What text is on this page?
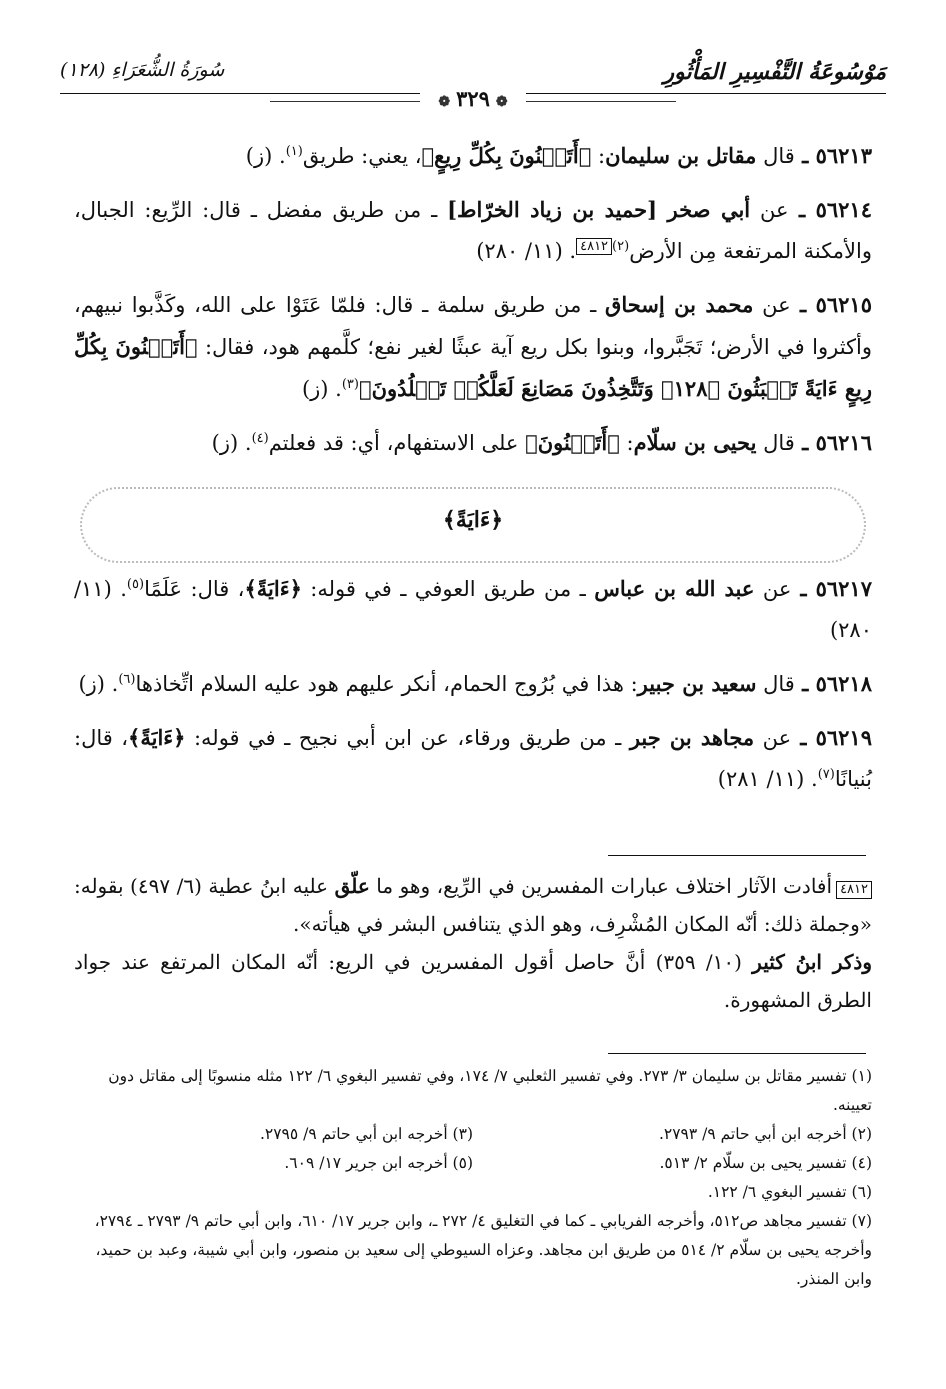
مَوْسُوعَةُ التَّفْسِيرِ المَأْثُورِ
سُورَةُ الشُّعَرَاءِ (١٢٨)
❁٣٢٩❁

٥٦٢١٣ ـ قال مقاتل بن سليمان: ﴿أَتَبۡنُونَ بِكُلِّ رِيعٍ﴾، يعني: طريق$^{(١)}$. (ز)

٥٦٢١٤ ـ عن أبي صخر [حميد بن زياد الخرّاط] ـ من طريق مفضل ـ قال: الرِّيع: الجبال، والأمكنة المرتفعة مِن الأرض$^{(٢)}$٤٨١٢. (١١/ ٢٨٠)

٥٦٢١٥ ـ عن محمد بن إسحاق ـ من طريق سلمة ـ قال: فلمّا عَتَوْا على الله، وكَذَّبوا نبيهم، وأكثروا في الأرض؛ تَجَبَّروا، وبنوا بكل ريع آية عبثًا لغير نفع؛ كلَّمهم هود، فقال: ﴿أَتَبۡنُونَ بِكُلِّ رِيعٍ ءَايَةً تَعۡبَثُونَ ﴿١٢٨﴾ وَتَتَّخِذُونَ مَصَانِعَ لَعَلَّكُمۡ تَخۡلُدُونَ﴾$^{(٣)}$. (ز)

٥٦٢١٦ ـ قال يحيى بن سلّام: ﴿أَتَبۡنُونَ﴾ على الاستفهام، أي: قد فعلتم$^{(٤)}$. (ز)

﴿ءَايَةً﴾

٥٦٢١٧ ـ عن عبد الله بن عباس ـ من طريق العوفي ـ في قوله: ﴿ءَايَةً﴾، قال: عَلَمًا$^{(٥)}$. (١١/ ٢٨٠)

٥٦٢١٨ ـ قال سعيد بن جبير: هذا في بُرُوج الحمام، أنكر عليهم هود عليه السلام اتِّخاذها$^{(٦)}$. (ز)

٥٦٢١٩ ـ عن مجاهد بن جبر ـ من طريق ورقاء، عن ابن أبي نجيح ـ في قوله: ﴿ءَايَةً﴾، قال: بُنيانًا$^{(٧)}$. (١١/ ٢٨١)

٤٨١٢أفادت الآثار اختلاف عبارات المفسرين في الرِّيع، وهو ما علّق عليه ابنُ عطية (٦/ ٤٩٧) بقوله: «وجملة ذلك: أنّه المكان المُشْرِف، وهو الذي يتنافس البشر في هيأته».
وذكر ابنُ كثير (١٠/ ٣٥٩) أنَّ حاصل أقول المفسرين في الريع: أنّه المكان المرتفع عند جواد الطرق المشهورة.
(١) تفسير مقاتل بن سليمان ٣/ ٢٧٣. وفي تفسير الثعلبي ٧/ ١٧٤، وفي تفسير البغوي ٦/ ١٢٢ مثله منسوبًا إلى مقاتل دون تعيينه.
(٢) أخرجه ابن أبي حاتم ٩/ ٢٧٩٣.
(٣) أخرجه ابن أبي حاتم ٩/ ٢٧٩٥.
(٤) تفسير يحيى بن سلّام ٢/ ٥١٣.
(٥) أخرجه ابن جرير ١٧/ ٦٠٩.
(٦) تفسير البغوي ٦/ ١٢٢.
(٧) تفسير مجاهد ص٥١٢، وأخرجه الفريابي ـ كما في التغليق ٤/ ٢٧٢ ـ، وابن جرير ١٧/ ٦١٠، وابن أبي حاتم ٩/ ٢٧٩٣ ـ ٢٧٩٤، وأخرجه يحيى بن سلّام ٢/ ٥١٤ من طريق ابن مجاهد. وعزاه السيوطي إلى سعيد بن منصور، وابن أبي شيبة، وعبد بن حميد، وابن المنذر.
